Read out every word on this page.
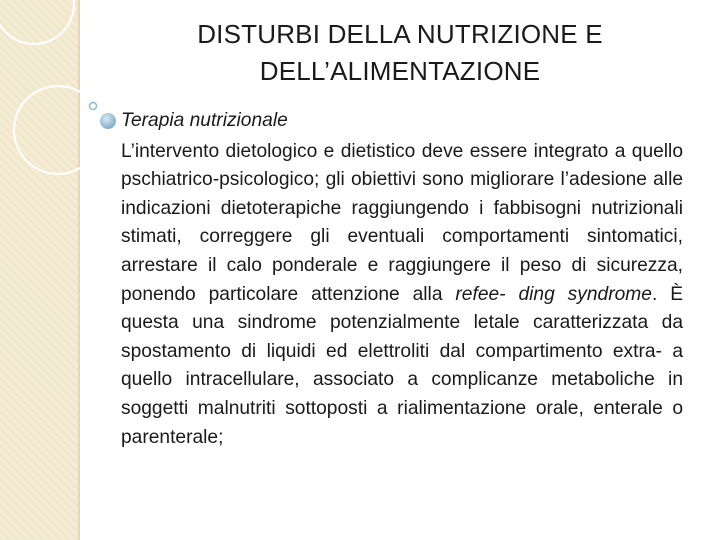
DISTURBI DELLA NUTRIZIONE E
DELL’ALIMENTAZIONE

Terapia nutrizionale

L’intervento dietologico e dietistico deve essere integrato a quello pschiatrico-psicologico; gli obiettivi sono migliorare l’adesione alle indicazioni dietoterapiche raggiungendo i fabbisogni nutrizionali stimati, correggere gli eventuali comportamenti sintomatici, arrestare il calo ponderale e raggiungere il peso di sicurezza, ponendo particolare attenzione alla refee- ding syndrome. È questa una sindrome potenzialmente letale caratterizzata da spostamento di liquidi ed elettroliti dal compartimento extra- a quello intracellulare, associato a complicanze metaboliche in soggetti malnutriti sottoposti a rialimentazione orale, enterale o parenterale;
